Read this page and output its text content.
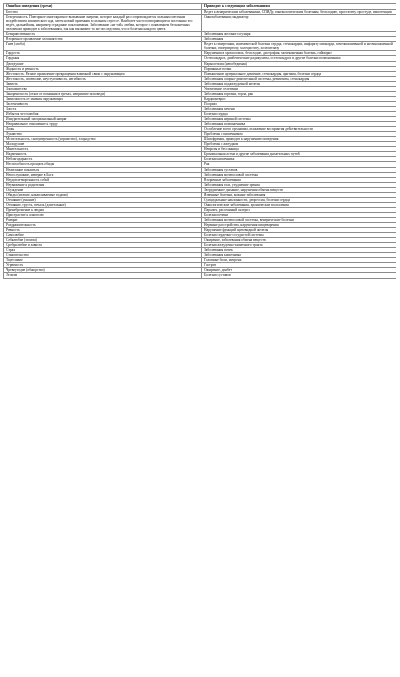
Ошибки поведения (грехи)	Приводят к следующим заболеваниям
Бегство	Ведет к венерическим заболеваниям, СПИДу, гинекологическим болезням, бесплодию, простатиту, простуде, импотенции
Безгрешность. Повторное многократное вызывание энергии, которое каждый раз сопровождается сильным местным воздействием химического яда, затем новый приемник в сильном стрессе. Наиболее часто повторяющиеся постоянно это ведёт, дальнейшая, например страдание поклонениям. Заболевание «не той» любви, которое с появлением бесконечных человеком приводит к заболеваниям, так как вызывают то же последствия, что и болезни каждого цвета	Онкозаболевания; индикатор
Безнравственность	Заболевания желчного пузыря
Вторичное проявление злопамятства	Заболевания
Гнев (злоба)	Ведет к гипертонии, ишемической болезни сердца, стенокардии, инфаркту миокарда, почечнокаменной и желчнокаменной болезни, гипертиреозу, холециститу, холелитиазу
Гордость	Нарушения в хромосомах, бесплодие, дистрофия, мочекаменная болезнь, гайморит
Гордыня	Остеохондроз, диабетические радикулиты, остеохондроз и другие болезни позвоночника
Двоедушие	Нарколепсия (непобедимая)
Жадность и ревность	Порванные почки
Жестокость. Разное проявление прекращения взаимной связи с окружающим	Повышенное артериальное давление, стенокардия, аритмия, болезни сердца
Жестокость, своеволие, неуступчивость, негибкость	Заболевания опорно-двигательной системы, ревматизм, стенокардия
Зависть	Заболевания поджелудочной железы
Злопамятство	Увеличение селезенки
Закоренелость (отказ от покаяния в грехах, неприятие исповеди)	Заболевания гортани, горла, рак
Зависимость от мнения окружающих	Кардионевроз
Застенчивость	Псориаз
Злость	Заболевания печени
Избыток честолюбия	Болезни сердца
Изнурительный эмоциональный напряг	Заболевания нервной системы
Неправильное отношение к труду	Заболевания позвоночника
Ложь	Ослабление всего организма, искажение восприятия действительности
Лукавство	Проблемы с кишечником
Мстительность, самоуверенность (упрямство), злорадство	Шизофрения, приводит к нарушению поведения
Малодушие	Проблемы с желудком
Мнительность	Неврозы и бессонница
Надменность	Бронхиальная астма и другие заболевания дыхательных путей
Неблагодарность	Болезни кишечника
Неспособность прощать обиды	Рак
Нежелание покаяться	Заболевания суставов
Непослушание, неверие в Бога	Заболевания мочеполовой системы
Неудовлетворенность собой	Вторичные заболевания
Неуважение к родителям	Заболевания глаз, ухудшение зрения
Осуждение	Затрудненное дыхание, нарушения обмена веществ
Обиды (мелкие, накапливаемые годами)	Язвенные болезни, кожные заболевания
Отчаяние (уныние)	Суицидальные наклонности, депрессия, болезни сердца
Отчаяние, грусть, печаль (длительные)	Онкологические заболевания, хронические воспаления
Пренебрежение к людям	Паралич, рассеянный склероз
Пристрастие к алкоголю	Болезни печени
Разврат	Заболевания мочеполовой системы, венерические болезни
Раздражительность	Нервные расстройства, нарушения пищеварения
Ревность	Нарушение функций щитовидной железы
Самолюбие	Болезни сердечно-сосудистой системы
Себялюбие (эгоизм)	Ожирение, заболевания обмена веществ
Сребролюбие и зависть	Болезни желудочно-кишечного тракта
Страх	Заболевания почек
Стяжательство	Заболевания кишечника
Тщеславие	Головные боли, мигрень
Угрюмость	Гастрит
Чревоугодие (обжорство)	Ожирение, диабет
Эгоизм	Болезни суставов
